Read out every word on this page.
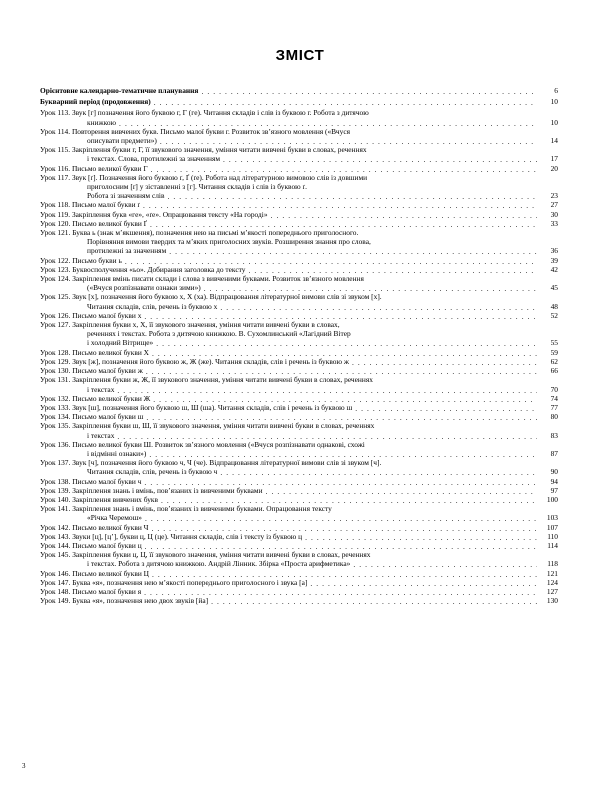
ЗМІСТ
Орієнтовне календарно-тематичне планування . . .	6
Букварний період (продовження) . . .	10
Урок 113. Звук [г] позначення його буквою г, Г (ге). Читання складів і слів із буквою г. Робота з дитячою
книжкою . . .	10
Урок 114. Повторення вивчених букв. Письмо малої букви г. Розвиток зв’язного мовлення («Вчуся
описувати предмети») . . .	14
Урок 115. Закріплення букви г, Г, її звукового значення, уміння читати вивчені букви в словах, реченнях
і текстах. Слова, протилежні за значенням . . .	17
Урок 116. Письмо великої букви Г . . .	20
Урок 117. Звук [ґ]. Позначення його буквою ґ, Ґ (ґе). Робота над літературною вимовою слів із довшими
приголосним [ґ] у зіставленні з [г]. Читання складів і слів із буквою ґ.
Робота зі значенням слів . . .	23
Урок 118. Письмо малої букви ґ . . .	27
Урок 119. Закріплення букв «ге», «ґе». Опрацювання тексту «На городі» . . .	30
Урок 120. Письмо великої букви Ґ . . .	33
Урок 121. Буква ь (знак м’якшення), позначення нею на письмі м’якості попереднього приголосного.
Порівняння вимови твердих та м’яких приголосних звуків. Розширення знання про слова,
протилежні за значенням . . .	36
Урок 122. Письмо букви ь . . .	39
Урок 123. Буквосполучення «ьо». Добирання заголовка до тексту . . .	42
Урок 124. Закріплення вмінь писати склади і слова з вивченими буквами. Розвиток зв’язного мовлення
(«Вчуся розпізнавати ознаки зими») . . .	45
Урок 125. Звук [х], позначення його буквою х, Х (ха). Відпрацювання літературної вимови слів зі звуком [х].
Читання складів, слів, речень із буквою х . . .	48
Урок 126. Письмо малої букви х . . .	52
Урок 127. Закріплення букви х, Х, її звукового значення, уміння читати вивчені букви в словах,
реченнях і текстах. Робота з дитячою книжкою. В. Сухомлинський «Лагідний Вітер
і холодний Вітрище» . . .	55
Урок 128. Письмо великої букви Х . . .	59
Урок 129. Звук [ж], позначення його буквою ж, Ж (же). Читання складів, слів і речень із буквою ж . . .	62
Урок 130. Письмо малої букви ж . . .	66
Урок 131. Закріплення букви ж, Ж, її звукового значення, уміння читати вивчені букви в словах, реченнях
і текстах . . .	70
Урок 132. Письмо великої букви Ж . . .	74
Урок 133. Звук [ш], позначення його буквою ш, Ш (ша). Читання складів, слів і речень із буквою ш . . .	77
Урок 134. Письмо малої букви ш . . .	80
Урок 135. Закріплення букви ш, Ш, її звукового значення, уміння читати вивчені букви в словах, реченнях
і текстах . . .	83
Урок 136. Письмо великої букви Ш. Розвиток зв’язного мовлення («Вчуся розпізнавати однакові, схожі
і відмінні ознаки») . . .	87
Урок 137. Звук [ч], позначення його буквою ч, Ч (че). Відпрацювання літературної вимови слів зі звуком [ч].
Читання складів, слів, речень із буквою ч . . .	90
Урок 138. Письмо малої букви ч . . .	94
Урок 139. Закріплення знань і вмінь, пов’язаних із вивченими буквами . . .	97
Урок 140. Закріплення вивчених букв . . .	100
Урок 141. Закріплення знань і вмінь, пов’язаних із вивченими буквами. Опрацювання тексту
«Річка Черемош» . . .	103
Урок 142. Письмо великої букви Ч . . .	107
Урок 143. Звуки [ц], [ц’], букви ц, Ц (це). Читання складів, слів і тексту із буквою ц . . .	110
Урок 144. Письмо малої букви ц . . .	114
Урок 145. Закріплення букви ц, Ц, її звукового значення, уміння читати вивчені букви в словах, реченнях
і текстах. Робота з дитячою книжкою. Андрій Лінник. Збірка «Проста арифметика» . . .	118
Урок 146. Письмо великої букви Ц . . .	121
Урок 147. Буква «я», позначення нею м’якості попереднього приголосного і звука [а] . . .	124
Урок 148. Письмо малої букви я . . .	127
Урок 149. Буква «я», позначення нею двох звуків [йа] . . .	130
3
